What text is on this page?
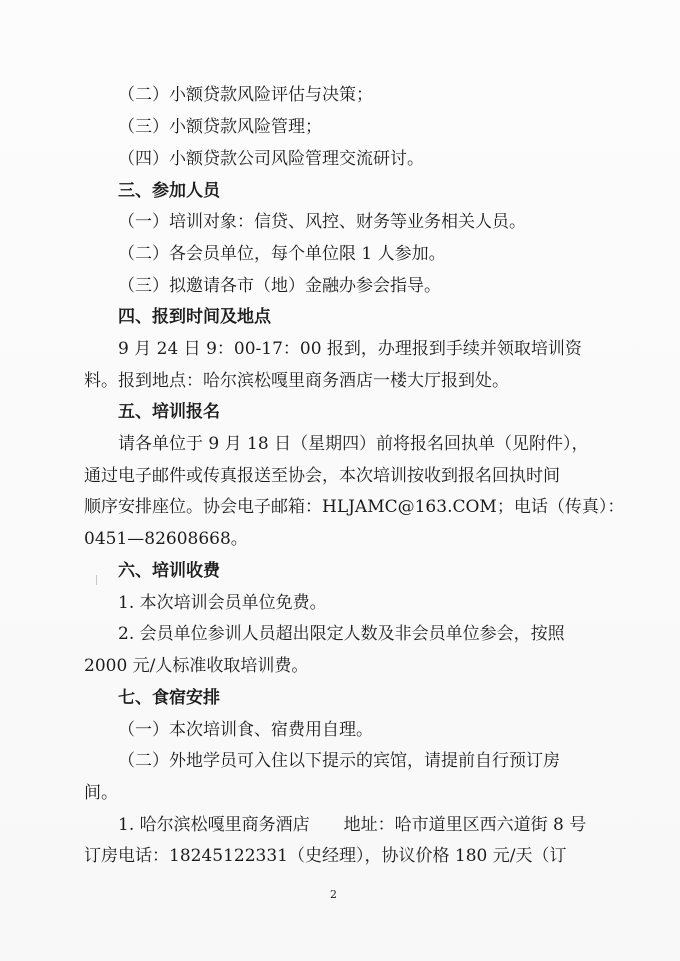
（二）小额贷款风险评估与决策；
（三）小额贷款风险管理；
（四）小额贷款公司风险管理交流研讨。
三、参加人员
（一）培训对象：信贷、风控、财务等业务相关人员。
（二）各会员单位，每个单位限 1 人参加。
（三）拟邀请各市（地）金融办参会指导。
四、报到时间及地点
9 月 24 日 9：00-17：00 报到，办理报到手续并领取培训资
料。报到地点：哈尔滨松嘎里商务酒店一楼大厅报到处。
五、培训报名
请各单位于 9 月 18 日（星期四）前将报名回执单（见附件），
通过电子邮件或传真报送至协会，本次培训按收到报名回执时间
顺序安排座位。协会电子邮箱：HLJAMC@163.COM；电话（传真）：
0451—82608668。
六、培训收费
1. 本次培训会员单位免费。
2. 会员单位参训人员超出限定人数及非会员单位参会，按照
2000 元/人标准收取培训费。
七、食宿安排
（一）本次培训食、宿费用自理。
（二）外地学员可入住以下提示的宾馆，请提前自行预订房
间。
1. 哈尔滨松嘎里商务酒店　　地址：哈市道里区西六道街 8 号
订房电话：18245122331（史经理），协议价格 180 元/天（订
2
